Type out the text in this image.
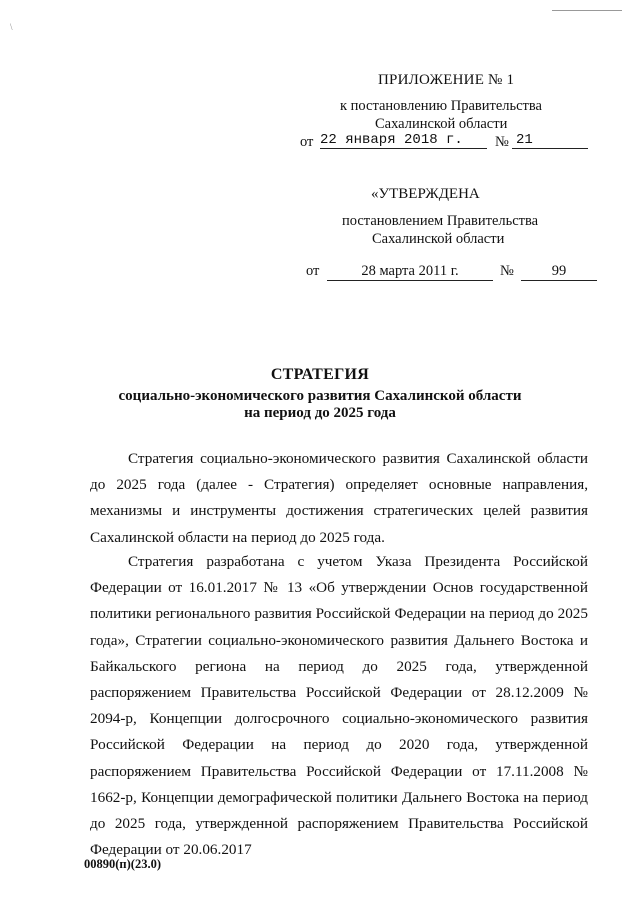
\
ПРИЛОЖЕНИЕ № 1
к постановлению Правительства
Сахалинской области
от 22 января 2018 г.	№ 21
«УТВЕРЖДЕНА
постановлением Правительства
Сахалинской области
от	28 марта 2011 г.	№	99
СТРАТЕГИЯ
социально-экономического развития Сахалинской области
на период до 2025 года

Стратегия социально-экономического развития Сахалинской области до 2025 года (далее - Стратегия) определяет основные направления, механизмы и инструменты достижения стратегических целей развития Сахалинской области на период до 2025 года.

Стратегия разработана с учетом Указа Президента Российской Федерации от 16.01.2017 № 13 «Об утверждении Основ государственной политики регионального развития Российской Федерации на период до 2025 года», Стратегии социально-экономического развития Дальнего Востока и Байкальского региона на период до 2025 года, утвержденной распоряжением Правительства Российской Федерации от 28.12.2009 № 2094-р, Концепции долгосрочного социально-экономического развития Российской Федерации на период до 2020 года, утвержденной распоряжением Правительства Российской Федерации от 17.11.2008 № 1662-р, Концепции демографической политики Дальнего Востока на период до 2025 года, утвержденной распоряжением Правительства Российской Федерации от 20.06.2017

00890(п)(23.0)
